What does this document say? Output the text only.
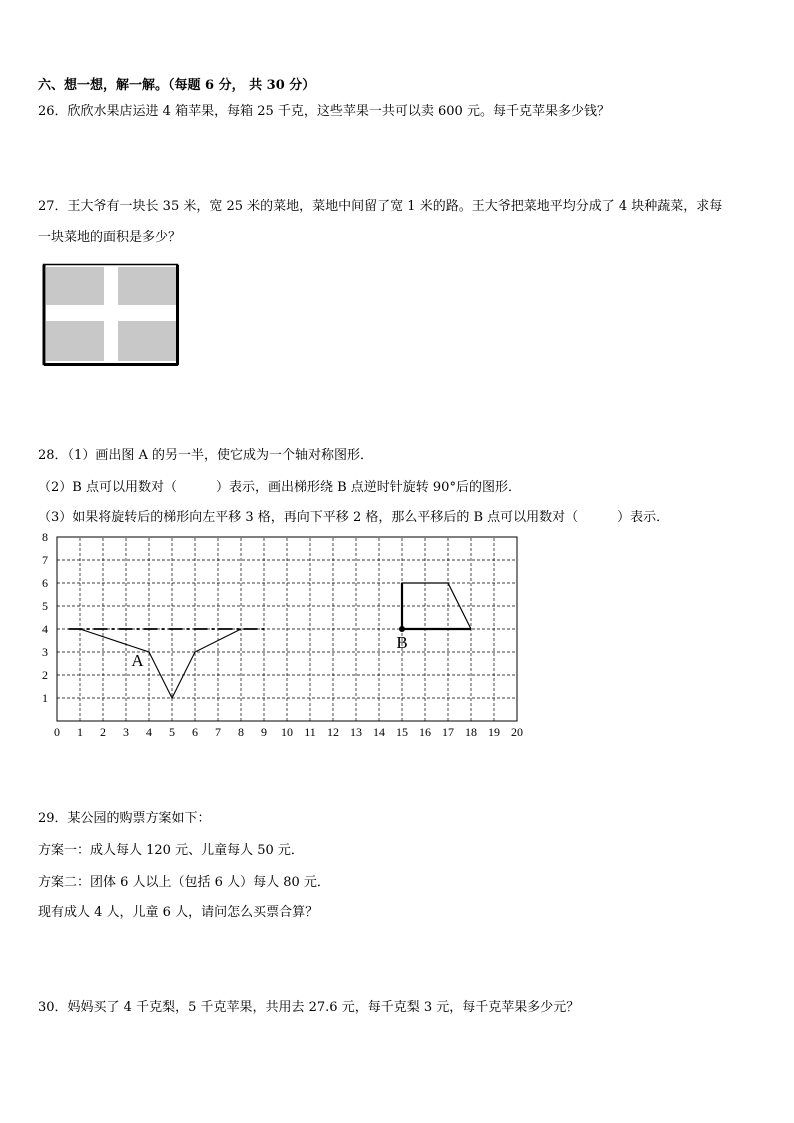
六、想一想，解一解。（每题 6 分， 共 30 分）
26．欣欣水果店运进 4 箱苹果，每箱 25 千克，这些苹果一共可以卖 600 元。每千克苹果多少钱？
27．王大爷有一块长 35 米，宽 25 米的菜地，菜地中间留了宽 1 米的路。王大爷把菜地平均分成了 4 块种蔬菜，求每
一块菜地的面积是多少？
28．（1）画出图 A 的另一半，使它成为一个轴对称图形．
（2）B 点可以用数对（　　　）表示，画出梯形绕 B 点逆时针旋转 90°后的图形．
（3）如果将旋转后的梯形向左平移 3 格，再向下平移 2 格，那么平移后的 B 点可以用数对（　　　）表示．
0 1 2 3 4 5 6 7 8 9 10 11 12 13 14 15 16 17 18 19 20
1
2
3
4
5
6
7
8
A
B
29．某公园的购票方案如下：
方案一：成人每人 120 元、儿童每人 50 元．
方案二：团体 6 人以上（包括 6 人）每人 80 元．
现有成人 4 人，儿童 6 人，请问怎么买票合算？
30．妈妈买了 4 千克梨，5 千克苹果，共用去 27.6 元，每千克梨 3 元，每千克苹果多少元？
